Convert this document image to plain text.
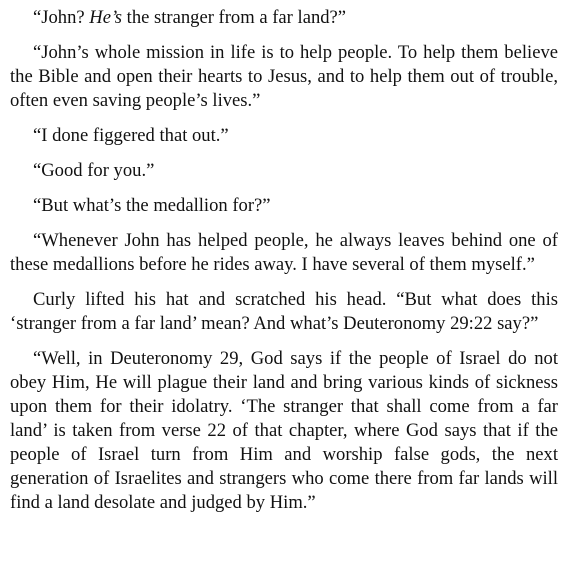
“John? He’s the stranger from a far land?”

“John’s whole mission in life is to help people. To help them believe the Bible and open their hearts to Jesus, and to help them out of trouble, often even saving people’s lives.”

“I done figgered that out.”

“Good for you.”

“But what’s the medallion for?”

“Whenever John has helped people, he always leaves behind one of these medallions before he rides away. I have several of them myself.”

Curly lifted his hat and scratched his head. “But what does this ‘stranger from a far land’ mean? And what’s Deuteronomy 29:22 say?”

“Well, in Deuteronomy 29, God says if the people of Israel do not obey Him, He will plague their land and bring various kinds of sickness upon them for their idolatry. ‘The stranger that shall come from a far land’ is taken from verse 22 of that chapter, where God says that if the people of Israel turn from Him and worship false gods, the next generation of Israelites and strangers who come there from far lands will find a land desolate and judged by Him.”
